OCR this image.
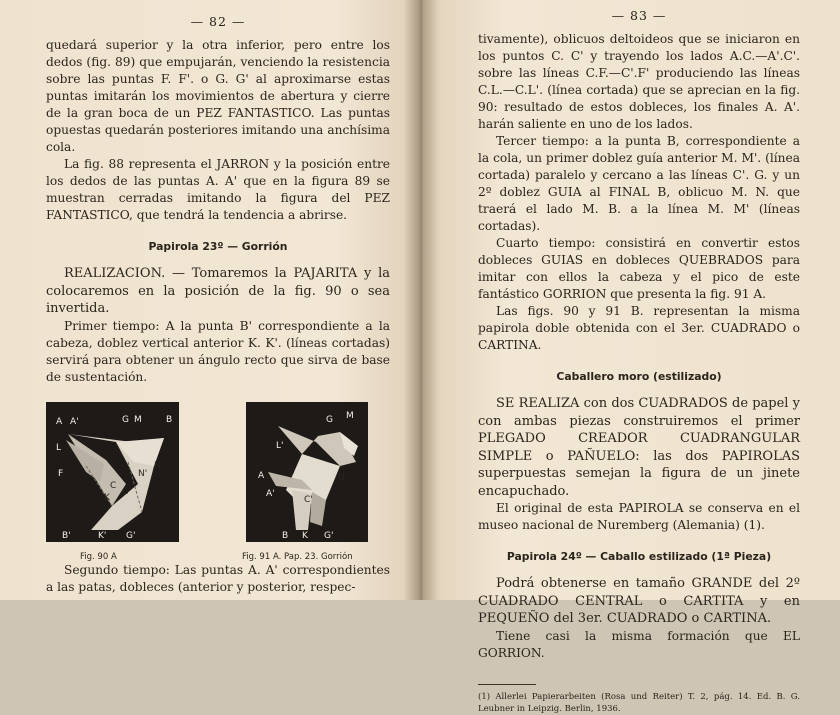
— 82 —

quedará superior y la otra inferior, pero entre los dedos (fig. 89) que empujarán, venciendo la resistencia sobre las puntas F. F'. o G. G' al aproximarse estas puntas imitarán los movimientos de abertura y cierre de la gran boca de un PEZ FANTASTICO. Las puntas opuestas quedarán posteriores imitando una anchísima cola.

La fig. 88 representa el JARRON y la posición entre los dedos de las puntas A. A' que en la figura 89 se muestran cerradas imitando la figura del PEZ FANTASTICO, que tendrá la tendencia a abrirse.

Papirola 23º — Gorrión

REALIZACION. — Tomaremos la PAJARITA y la colocaremos en la posición de la fig. 90 o sea invertida.

Primer tiempo: A la punta B' correspondiente a la cabeza, doblez vertical anterior K. K'. (líneas cortadas) servirá para obtener un ángulo recto que sirva de base de sustentación.

A A'	G M	B
L
F
N
K
C
C'
B'	K' G'
N'
G M
L'
C
N
A
A'
C'
B K G'
Fig. 90 A	Fig. 91 A. Pap. 23. Gorrión

Segundo tiempo: Las puntas A. A' correspondientes a las patas, dobleces (anterior y posterior, respec-

— 83 —

tivamente), oblicuos deltoideos que se iniciaron en los puntos C. C' y trayendo los lados A.C.—A'.C'. sobre las líneas C.F.—C'.F' produciendo las líneas C.L.—C.L'. (línea cortada) que se aprecian en la fig. 90: resultado de estos dobleces, los finales A. A'. harán saliente en uno de los lados.

Tercer tiempo: a la punta B, correspondiente a la cola, un primer doblez guía anterior M. M'. (línea cortada) paralelo y cercano a las líneas C'. G. y un 2º doblez GUIA al FINAL B, oblicuo M. N. que traerá el lado M. B. a la línea M. M' (líneas cortadas).

Cuarto tiempo: consistirá en convertir estos dobleces GUIAS en dobleces QUEBRADOS para imitar con ellos la cabeza y el pico de este fantástico GORRION que presenta la fig. 91 A.

Las figs. 90 y 91 B. representan la misma papirola doble obtenida con el 3er. CUADRADO o CARTINA.

Caballero moro (estilizado)

SE REALIZA con dos CUADRADOS de papel y con ambas piezas construiremos el primer PLEGADO CREADOR CUADRANGULAR SIMPLE o PAÑUELO: las dos PAPIROLAS superpuestas semejan la figura de un jinete encapuchado.

El original de esta PAPIROLA se conserva en el museo nacional de Nuremberg (Alemania) (1).

Papirola 24º — Caballo estilizado (1ª Pieza)

Podrá obtenerse en tamaño GRANDE del 2º CUADRADO CENTRAL o CARTITA y en PEQUEÑO del 3er. CUADRADO o CARTINA.

Tiene casi la misma formación que EL GORRION.

(1) Allerlei Papierarbeiten (Rosa und Reiter) T. 2, pág. 14. Ed. B. G. Leubner in Leipzig. Berlin, 1936.
